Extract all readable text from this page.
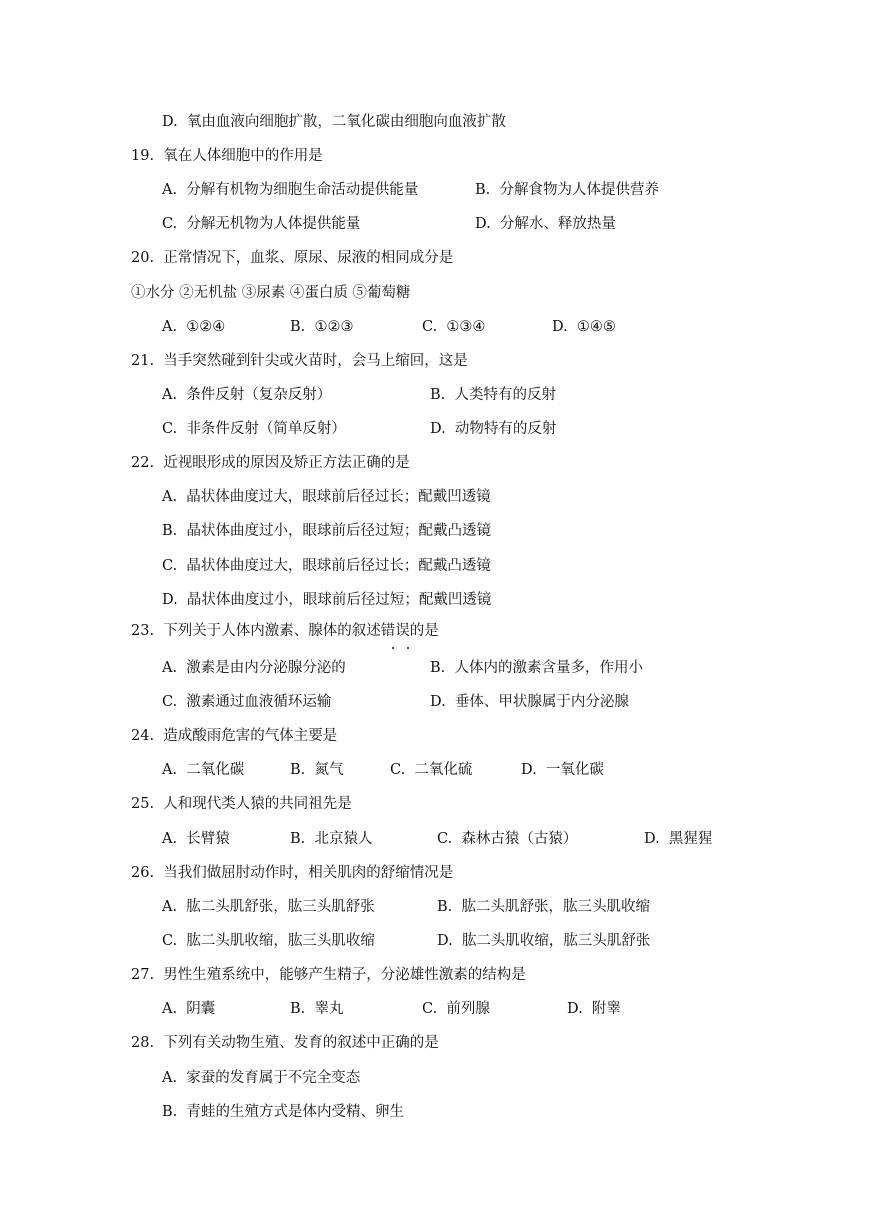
D.  氧由血液向细胞扩散，二氧化碳由细胞向血液扩散
19.  氧在人体细胞中的作用是
A.  分解有机物为细胞生命活动提供能量	B.  分解食物为人体提供营养
C.  分解无机物为人体提供能量	D.  分解水、释放热量
20.  正常情况下，血浆、原尿、尿液的相同成分是
①水分 ②无机盐 ③尿素 ④蛋白质 ⑤葡萄糖
A.  ①②④	B.  ①②③	C.  ①③④	D.  ①④⑤
21.  当手突然碰到针尖或火苗时，会马上缩回，这是
A.  条件反射（复杂反射）	B.  人类特有的反射
C.  非条件反射（简单反射）	D.  动物特有的反射
22.  近视眼形成的原因及矫正方法正确的是
A.  晶状体曲度过大，眼球前后径过长；配戴凹透镜
B.  晶状体曲度过小，眼球前后径过短；配戴凸透镜
C.  晶状体曲度过大，眼球前后径过长；配戴凸透镜
D.  晶状体曲度过小，眼球前后径过短；配戴凹透镜
23.  下列关于人体内激素、腺体的叙述错误的是
A.  激素是由内分泌腺分泌的	B.  人体内的激素含量多，作用小
C.  激素通过血液循环运输	D.  垂体、甲状腺属于内分泌腺
24.  造成酸雨危害的气体主要是
A.  二氧化碳	B.  氮气	C.  二氧化硫	D.  一氧化碳
25.  人和现代类人猿的共同祖先是
A.  长臂猿	B.  北京猿人	C.  森林古猿（古猿）	D.  黑猩猩
26.  当我们做屈肘动作时，相关肌肉的舒缩情况是
A.  肱二头肌舒张，肱三头肌舒张	B.  肱二头肌舒张，肱三头肌收缩
C.  肱二头肌收缩，肱三头肌收缩	D.  肱二头肌收缩，肱三头肌舒张
27.  男性生殖系统中，能够产生精子，分泌雄性激素的结构是
A.  阴囊	B.  睾丸	C.  前列腺	D.  附睾
28.  下列有关动物生殖、发育的叙述中正确的是
A.  家蚕的发育属于不完全变态
B.  青蛙的生殖方式是体内受精、卵生
